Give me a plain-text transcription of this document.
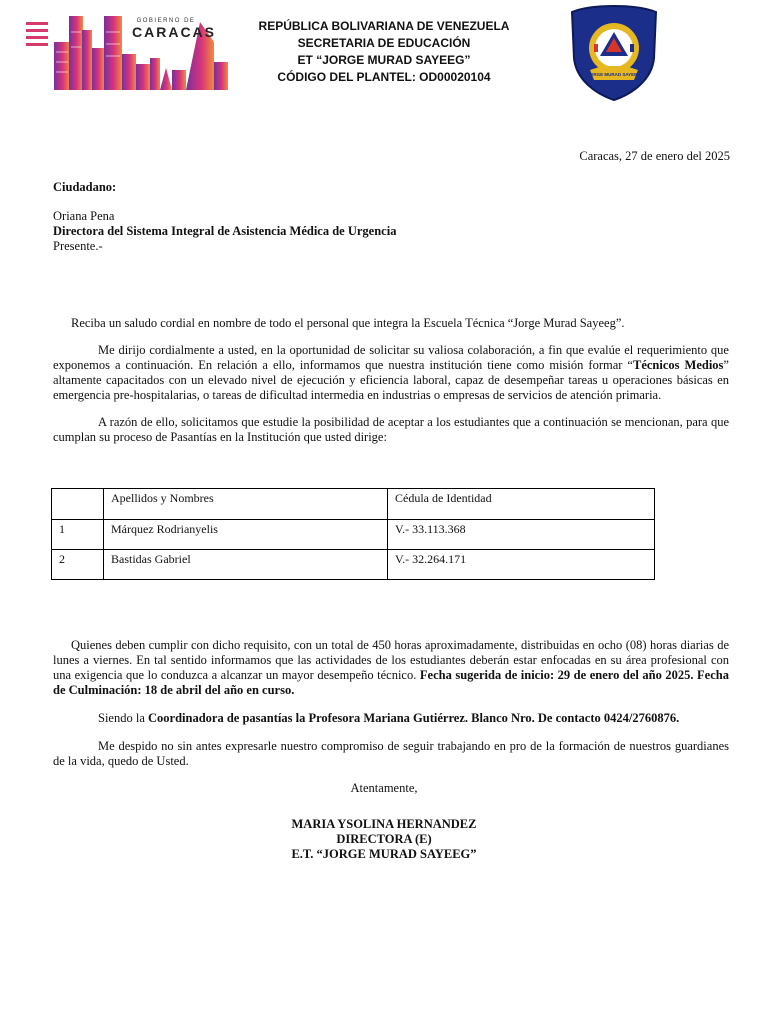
GOBIERNO DE
CARACAS	REPÚBLICA BOLIVARIANA DE VENEZUELA
SECRETARIA DE EDUCACIÓN
ET “JORGE MURAD SAYEEG”
CÓDIGO DEL PLANTEL: OD00020104	JORGE MURAD SAYEEG
Caracas, 27 de enero del 2025
Ciudadano:
Oriana Pena
Directora del Sistema Integral de Asistencia Médica de Urgencia
Presente.-
Reciba un saludo cordial en nombre de todo el personal que integra la Escuela Técnica “Jorge Murad Sayeeg”.
Me dirijo cordialmente a usted, en la oportunidad de solicitar su valiosa colaboración, a fin que evalúe el requerimiento que exponemos a continuación. En relación a ello, informamos que nuestra institución tiene como misión formar “Técnicos Medios” altamente capacitados con un elevado nivel de ejecución y eficiencia laboral, capaz de desempeñar tareas u operaciones básicas en emergencia pre-hospitalarias, o tareas de dificultad intermedia en industrias o empresas de servicios de atención primaria.
A razón de ello, solicitamos que estudie la posibilidad de aceptar a los estudiantes que a continuación se mencionan, para que cumplan su proceso de Pasantías en la Institución que usted dirige:
	Apellidos y Nombres	Cédula de Identidad
1	Márquez Rodrianyelis	V.- 33.113.368
2	Bastidas Gabriel	V.- 32.264.171
Quienes deben cumplir con dicho requisito, con un total de 450 horas aproximadamente, distribuidas en ocho (08) horas diarias de lunes a viernes. En tal sentido informamos que las actividades de los estudiantes deberán estar enfocadas en su área profesional con una exigencia que lo conduzca a alcanzar un mayor desempeño técnico. Fecha sugerida de inicio: 29 de enero del año 2025. Fecha de Culminación: 18 de abril del año en curso.
Siendo la Coordinadora de pasantías la Profesora Mariana Gutiérrez. Blanco Nro. De contacto 0424/2760876.
Me despido no sin antes expresarle nuestro compromiso de seguir trabajando en pro de la formación de nuestros guardianes de la vida, quedo de Usted.
Atentamente,
MARIA YSOLINA HERNANDEZ
DIRECTORA (E)
E.T. “JORGE MURAD SAYEEG”
